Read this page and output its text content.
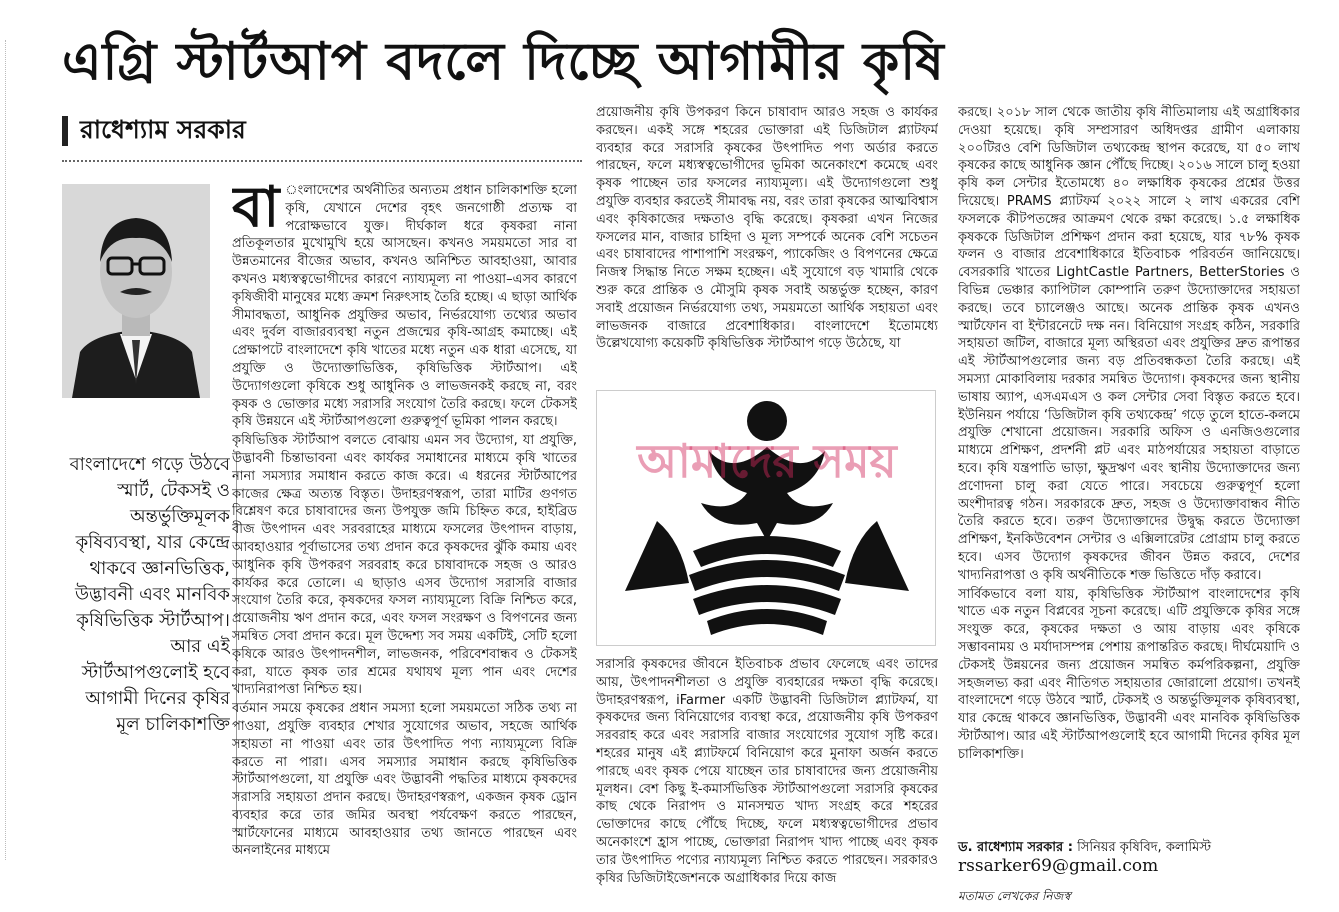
এগ্রি স্টার্টআপ বদলে দিচ্ছে আগামীর কৃষি
রাধেশ্যাম সরকার
বাংলাদেশে গড়ে উঠবে স্মার্ট, টেকসই ও অন্তর্ভুক্তিমূলক কৃষিব্যবস্থা, যার কেন্দ্রে থাকবে জ্ঞানভিত্তিক, উদ্ভাবনী এবং মানবিক কৃষিভিত্তিক স্টার্টআপ। আর এই স্টার্টআপগুলোই হবে আগামী দিনের কৃষির মূল চালিকাশক্তি

বা ংলাদেশের অর্থনীতির অন্যতম প্রধান চালিকাশক্তি হলো কৃষি, যেখানে দেশের বৃহৎ জনগোষ্ঠী প্রত্যক্ষ বা পরোক্ষভাবে যুক্ত। দীর্ঘকাল ধরে কৃষকরা নানা প্রতিকূলতার মুখোমুখি হয়ে আসছেন। কখনও সময়মতো সার বা উন্নতমানের বীজের অভাব, কখনও অনিশ্চিত আবহাওয়া, আবার কখনও মধ্যস্বত্বভোগীদের কারণে ন্যায্যমূল্য না পাওয়া–এসব কারণে কৃষিজীবী মানুষের মধ্যে ক্রমশ নিরুৎসাহ তৈরি হচ্ছে। এ ছাড়া আর্থিক সীমাবদ্ধতা, আধুনিক প্রযুক্তির অভাব, নির্ভরযোগ্য তথ্যের অভাব এবং দুর্বল বাজারব্যবস্থা নতুন প্রজন্মের কৃষি-আগ্রহ কমাচ্ছে। এই প্রেক্ষাপটে বাংলাদেশে কৃষি খাতের মধ্যে নতুন এক ধারা এসেছে, যা প্রযুক্তি ও উদ্যোক্তাভিত্তিক, কৃষিভিত্তিক স্টার্টআপ। এই উদ্যোগগুলো কৃষিকে শুধু আধুনিক ও লাভজনকই করছে না, বরং কৃষক ও ভোক্তার মধ্যে সরাসরি সংযোগ তৈরি করছে। ফলে টেকসই কৃষি উন্নয়নে এই স্টার্টআপগুলো গুরুত্বপূর্ণ ভূমিকা পালন করছে।

কৃষিভিত্তিক স্টার্টআপ বলতে বোঝায় এমন সব উদ্যোগ, যা প্রযুক্তি, উদ্ভাবনী চিন্তাভাবনা এবং কার্যকর সমাধানের মাধ্যমে কৃষি খাতের নানা সমস্যার সমাধান করতে কাজ করে। এ ধরনের স্টার্টআপের কাজের ক্ষেত্র অত্যন্ত বিস্তৃত। উদাহরণস্বরূপ, তারা মাটির গুণগত বিশ্লেষণ করে চাষাবাদের জন্য উপযুক্ত জমি চিহ্নিত করে, হাইব্রিড বীজ উৎপাদন এবং সরবরাহের মাধ্যমে ফসলের উৎপাদন বাড়ায়, আবহাওয়ার পূর্বাভাসের তথ্য প্রদান করে কৃষকদের ঝুঁকি কমায় এবং আধুনিক কৃষি উপকরণ সরবরাহ করে চাষাবাদকে সহজ ও আরও কার্যকর করে তোলে। এ ছাড়াও এসব উদ্যোগ সরাসরি বাজার সংযোগ তৈরি করে, কৃষকদের ফসল ন্যায্যমূল্যে বিক্রি নিশ্চিত করে, প্রয়োজনীয় ঋণ প্রদান করে, এবং ফসল সংরক্ষণ ও বিপণনের জন্য সমন্বিত সেবা প্রদান করে। মূল উদ্দেশ্য সব সময় একটিই, সেটি হলো কৃষিকে আরও উৎপাদনশীল, লাভজনক, পরিবেশবান্ধব ও টেকসই করা, যাতে কৃষক তার শ্রমের যথাযথ মূল্য পান এবং দেশের খাদ্যনিরাপত্তা নিশ্চিত হয়।

বর্তমান সময়ে কৃষকের প্রধান সমস্যা হলো সময়মতো সঠিক তথ্য না পাওয়া, প্রযুক্তি ব্যবহার শেখার সুযোগের অভাব, সহজে আর্থিক সহায়তা না পাওয়া এবং তার উৎপাদিত পণ্য ন্যায্যমূল্যে বিক্রি করতে না পারা। এসব সমস্যার সমাধান করছে কৃষিভিত্তিক স্টার্টআপগুলো, যা প্রযুক্তি এবং উদ্ভাবনী পদ্ধতির মাধ্যমে কৃষকদের সরাসরি সহায়তা প্রদান করছে। উদাহরণস্বরূপ, একজন কৃষক ড্রোন ব্যবহার করে তার জমির অবস্থা পর্যবেক্ষণ করতে পারছেন, স্মার্টফোনের মাধ্যমে আবহাওয়ার তথ্য জানতে পারছেন এবং অনলাইনের মাধ্যমে

প্রয়োজনীয় কৃষি উপকরণ কিনে চাষাবাদ আরও সহজ ও কার্যকর করছেন। একই সঙ্গে শহরের ভোক্তারা এই ডিজিটাল প্ল্যাটফর্ম ব্যবহার করে সরাসরি কৃষকের উৎপাদিত পণ্য অর্ডার করতে পারছেন, ফলে মধ্যস্বত্বভোগীদের ভূমিকা অনেকাংশে কমেছে এবং কৃষক পাচ্ছেন তার ফসলের ন্যায্যমূল্য। এই উদ্যোগগুলো শুধু প্রযুক্তি ব্যবহার করতেই সীমাবদ্ধ নয়, বরং তারা কৃষকের আত্মবিশ্বাস এবং কৃষিকাজের দক্ষতাও বৃদ্ধি করেছে। কৃষকরা এখন নিজের ফসলের মান, বাজার চাহিদা ও মূল্য সম্পর্কে অনেক বেশি সচেতন এবং চাষাবাদের পাশাপাশি সংরক্ষণ, প্যাকেজিং ও বিপণনের ক্ষেত্রে নিজস্ব সিদ্ধান্ত নিতে সক্ষম হচ্ছেন। এই সুযোগে বড় খামারি থেকে শুরু করে প্রান্তিক ও মৌসুমি কৃষক সবাই অন্তর্ভুক্ত হচ্ছেন, কারণ সবাই প্রয়োজন নির্ভরযোগ্য তথ্য, সময়মতো আর্থিক সহায়তা এবং লাভজনক বাজারে প্রবেশাধিকার। বাংলাদেশে ইতোমধ্যে উল্লেখযোগ্য কয়েকটি কৃষিভিত্তিক স্টার্টআপ গড়ে উঠেছে, যা

আমাদের সময়

সরাসরি কৃষকদের জীবনে ইতিবাচক প্রভাব ফেলেছে এবং তাদের আয়, উৎপাদনশীলতা ও প্রযুক্তি ব্যবহারের দক্ষতা বৃদ্ধি করেছে। উদাহরণস্বরূপ, iFarmer একটি উদ্ভাবনী ডিজিটাল প্ল্যাটফর্ম, যা কৃষকদের জন্য বিনিয়োগের ব্যবস্থা করে, প্রয়োজনীয় কৃষি উপকরণ সরবরাহ করে এবং সরাসরি বাজার সংযোগের সুযোগ সৃষ্টি করে। শহরের মানুষ এই প্ল্যাটফর্মে বিনিয়োগ করে মুনাফা অর্জন করতে পারছে এবং কৃষক পেয়ে যাচ্ছেন তার চাষাবাদের জন্য প্রয়োজনীয় মূলধন। বেশ কিছু ই-কমার্সভিত্তিক স্টার্টআপগুলো সরাসরি কৃষকের কাছ থেকে নিরাপদ ও মানসম্মত খাদ্য সংগ্রহ করে শহরের ভোক্তাদের কাছে পৌঁছে দিচ্ছে, ফলে মধ্যস্বত্বভোগীদের প্রভাব অনেকাংশে হ্রাস পাচ্ছে, ভোক্তারা নিরাপদ খাদ্য পাচ্ছে এবং কৃষক তার উৎপাদিত পণ্যের ন্যায্যমূল্য নিশ্চিত করতে পারছেন। সরকারও কৃষির ডিজিটাইজেশনকে অগ্রাধিকার দিয়ে কাজ

করছে। ২০১৮ সাল থেকে জাতীয় কৃষি নীতিমালায় এই অগ্রাধিকার দেওয়া হয়েছে। কৃষি সম্প্রসারণ অধিদপ্তর গ্রামীণ এলাকায় ২০০টিরও বেশি ডিজিটাল তথ্যকেন্দ্র স্থাপন করেছে, যা ৫০ লাখ কৃষকের কাছে আধুনিক জ্ঞান পৌঁছে দিচ্ছে। ২০১৬ সালে চালু হওয়া কৃষি কল সেন্টার ইতোমধ্যে ৪০ লক্ষাধিক কৃষকের প্রশ্নের উত্তর দিয়েছে। PRAMS প্ল্যাটফর্ম ২০২২ সালে ২ লাখ একরের বেশি ফসলকে কীটপতঙ্গের আক্রমণ থেকে রক্ষা করেছে। ১.৫ লক্ষাধিক কৃষককে ডিজিটাল প্রশিক্ষণ প্রদান করা হয়েছে, যার ৭৮% কৃষক ফলন ও বাজার প্রবেশাধিকারে ইতিবাচক পরিবর্তন জানিয়েছে। বেসরকারি খাতের LightCastle Partners, BetterStories ও বিভিন্ন ভেঞ্চার ক্যাপিটাল কোম্পানি তরুণ উদ্যোক্তাদের সহায়তা করছে। তবে চ্যালেঞ্জও আছে। অনেক প্রান্তিক কৃষক এখনও স্মার্টফোন বা ইন্টারনেটে দক্ষ নন। বিনিয়োগ সংগ্রহ কঠিন, সরকারি সহায়তা জটিল, বাজারে মূল্য অস্থিরতা এবং প্রযুক্তির দ্রুত রূপান্তর এই স্টার্টআপগুলোর জন্য বড় প্রতিবন্ধকতা তৈরি করছে। এই সমস্যা মোকাবিলায় দরকার সমন্বিত উদ্যোগ। কৃষকদের জন্য স্থানীয় ভাষায় অ্যাপ, এসএমএস ও কল সেন্টার সেবা বিস্তৃত করতে হবে। ইউনিয়ন পর্যায়ে ‘ডিজিটাল কৃষি তথ্যকেন্দ্র’ গড়ে তুলে হাতে-কলমে প্রযুক্তি শেখানো প্রয়োজন। সরকারি অফিস ও এনজিওগুলোর মাধ্যমে প্রশিক্ষণ, প্রদর্শনী প্লট এবং মাঠপর্যায়ের সহায়তা বাড়াতে হবে। কৃষি যন্ত্রপাতি ভাড়া, ক্ষুদ্রঋণ এবং স্থানীয় উদ্যোক্তাদের জন্য প্রণোদনা চালু করা যেতে পারে। সবচেয়ে গুরুত্বপূর্ণ হলো অংশীদারত্ব গঠন। সরকারকে দ্রুত, সহজ ও উদ্যোক্তাবান্ধব নীতি তৈরি করতে হবে। তরুণ উদ্যোক্তাদের উদ্বুদ্ধ করতে উদ্যোক্তা প্রশিক্ষণ, ইনকিউবেশন সেন্টার ও এক্সিলারেটর প্রোগ্রাম চালু করতে হবে। এসব উদ্যোগ কৃষকদের জীবন উন্নত করবে, দেশের খাদ্যনিরাপত্তা ও কৃষি অর্থনীতিকে শক্ত ভিত্তিতে দাঁড় করাবে।

সার্বিকভাবে বলা যায়, কৃষিভিত্তিক স্টার্টআপ বাংলাদেশের কৃষি খাতে এক নতুন বিপ্লবের সূচনা করেছে। এটি প্রযুক্তিকে কৃষির সঙ্গে সংযুক্ত করে, কৃষকের দক্ষতা ও আয় বাড়ায় এবং কৃষিকে সম্ভাবনাময় ও মর্যাদাসম্পন্ন পেশায় রূপান্তরিত করছে। দীর্ঘমেয়াদি ও টেকসই উন্নয়নের জন্য প্রয়োজন সমন্বিত কর্মপরিকল্পনা, প্রযুক্তি সহজলভ্য করা এবং নীতিগত সহায়তার জোরালো প্রয়োগ। তখনই বাংলাদেশে গড়ে উঠবে স্মার্ট, টেকসই ও অন্তর্ভুক্তিমূলক কৃষিব্যবস্থা, যার কেন্দ্রে থাকবে জ্ঞানভিত্তিক, উদ্ভাবনী এবং মানবিক কৃষিভিত্তিক স্টার্টআপ। আর এই স্টার্টআপগুলোই হবে আগামী দিনের কৃষির মূল চালিকাশক্তি।

ড. রাধেশ্যাম সরকার : সিনিয়র কৃষিবিদ, কলামিস্ট
rssarker69@gmail.com
মতামত লেখকের নিজস্ব
